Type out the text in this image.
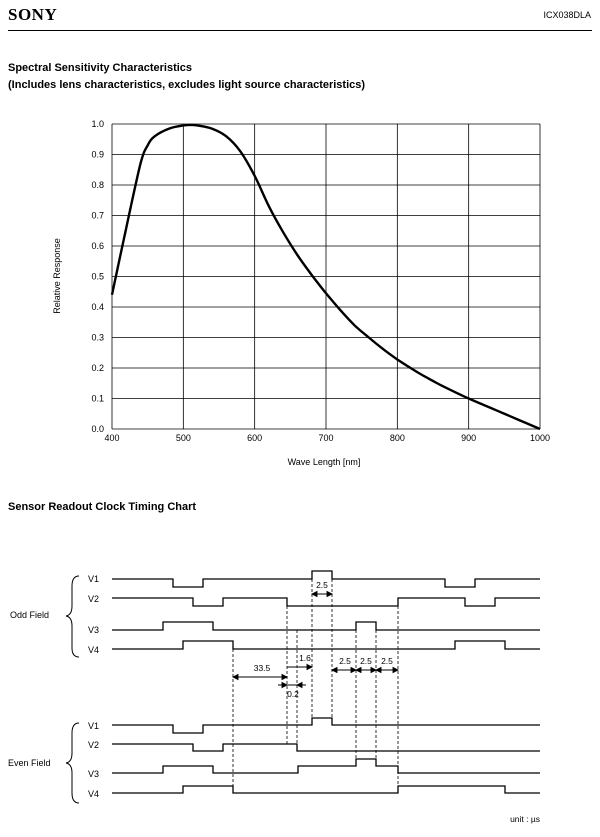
SONY	ICX038DLA
Spectral Sensitivity Characteristics
(Includes lens characteristics, excludes light source characteristics)
0.0
0.1
0.2
0.3
0.4
0.5
0.6
0.7
0.8
0.9
1.0
400	500	600	700	800	900	1000
Relative Response
Wave Length [nm]
Sensor Readout Clock Timing Chart
Odd Field
Even Field
V1
V2
V3
V4
V1
V2
V3
V4
2.5
33.5
1.6
0.2
2.5 2.5 2.5
unit : µs
